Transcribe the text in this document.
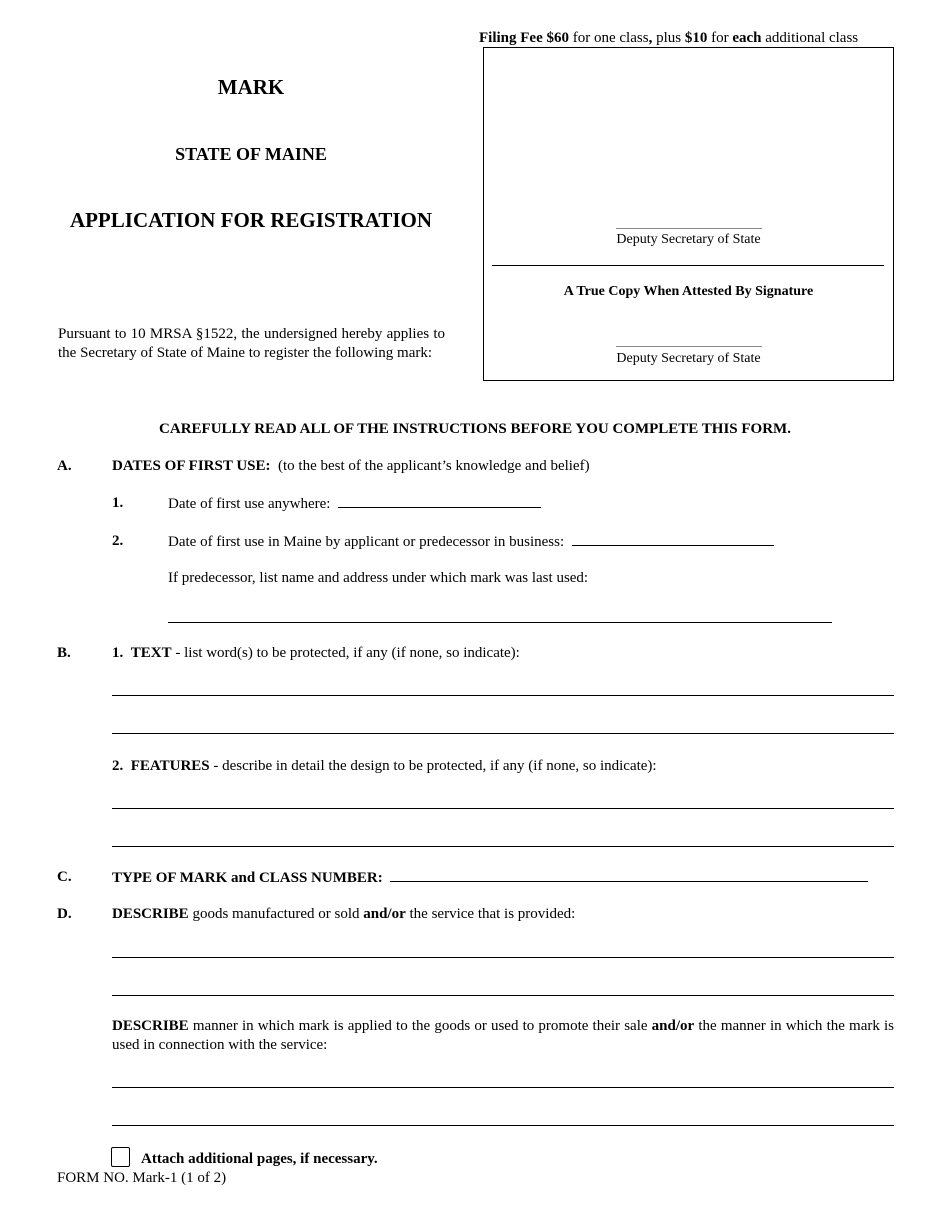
Filing Fee $60 for one class, plus $10 for each additional class
MARK
STATE OF MAINE
APPLICATION FOR REGISTRATION
Pursuant to 10 MRSA §1522, the undersigned hereby applies to the Secretary of State of Maine to register the following mark:
Deputy Secretary of State
A True Copy When Attested By Signature
Deputy Secretary of State
CAREFULLY READ ALL OF THE INSTRUCTIONS BEFORE YOU COMPLETE THIS FORM.
A.	DATES OF FIRST USE: (to the best of the applicant’s knowledge and belief)
1.	Date of first use anywhere:
2.	Date of first use in Maine by applicant or predecessor in business:
If predecessor, list name and address under which mark was last used:
B.	1. TEXT - list word(s) to be protected, if any (if none, so indicate):
2. FEATURES - describe in detail the design to be protected, if any (if none, so indicate):
C.	TYPE OF MARK and CLASS NUMBER:
D.	DESCRIBE goods manufactured or sold and/or the service that is provided:
DESCRIBE manner in which mark is applied to the goods or used to promote their sale and/or the manner in which the mark is used in connection with the service:
Attach additional pages, if necessary.
FORM NO. Mark-1 (1 of 2)
